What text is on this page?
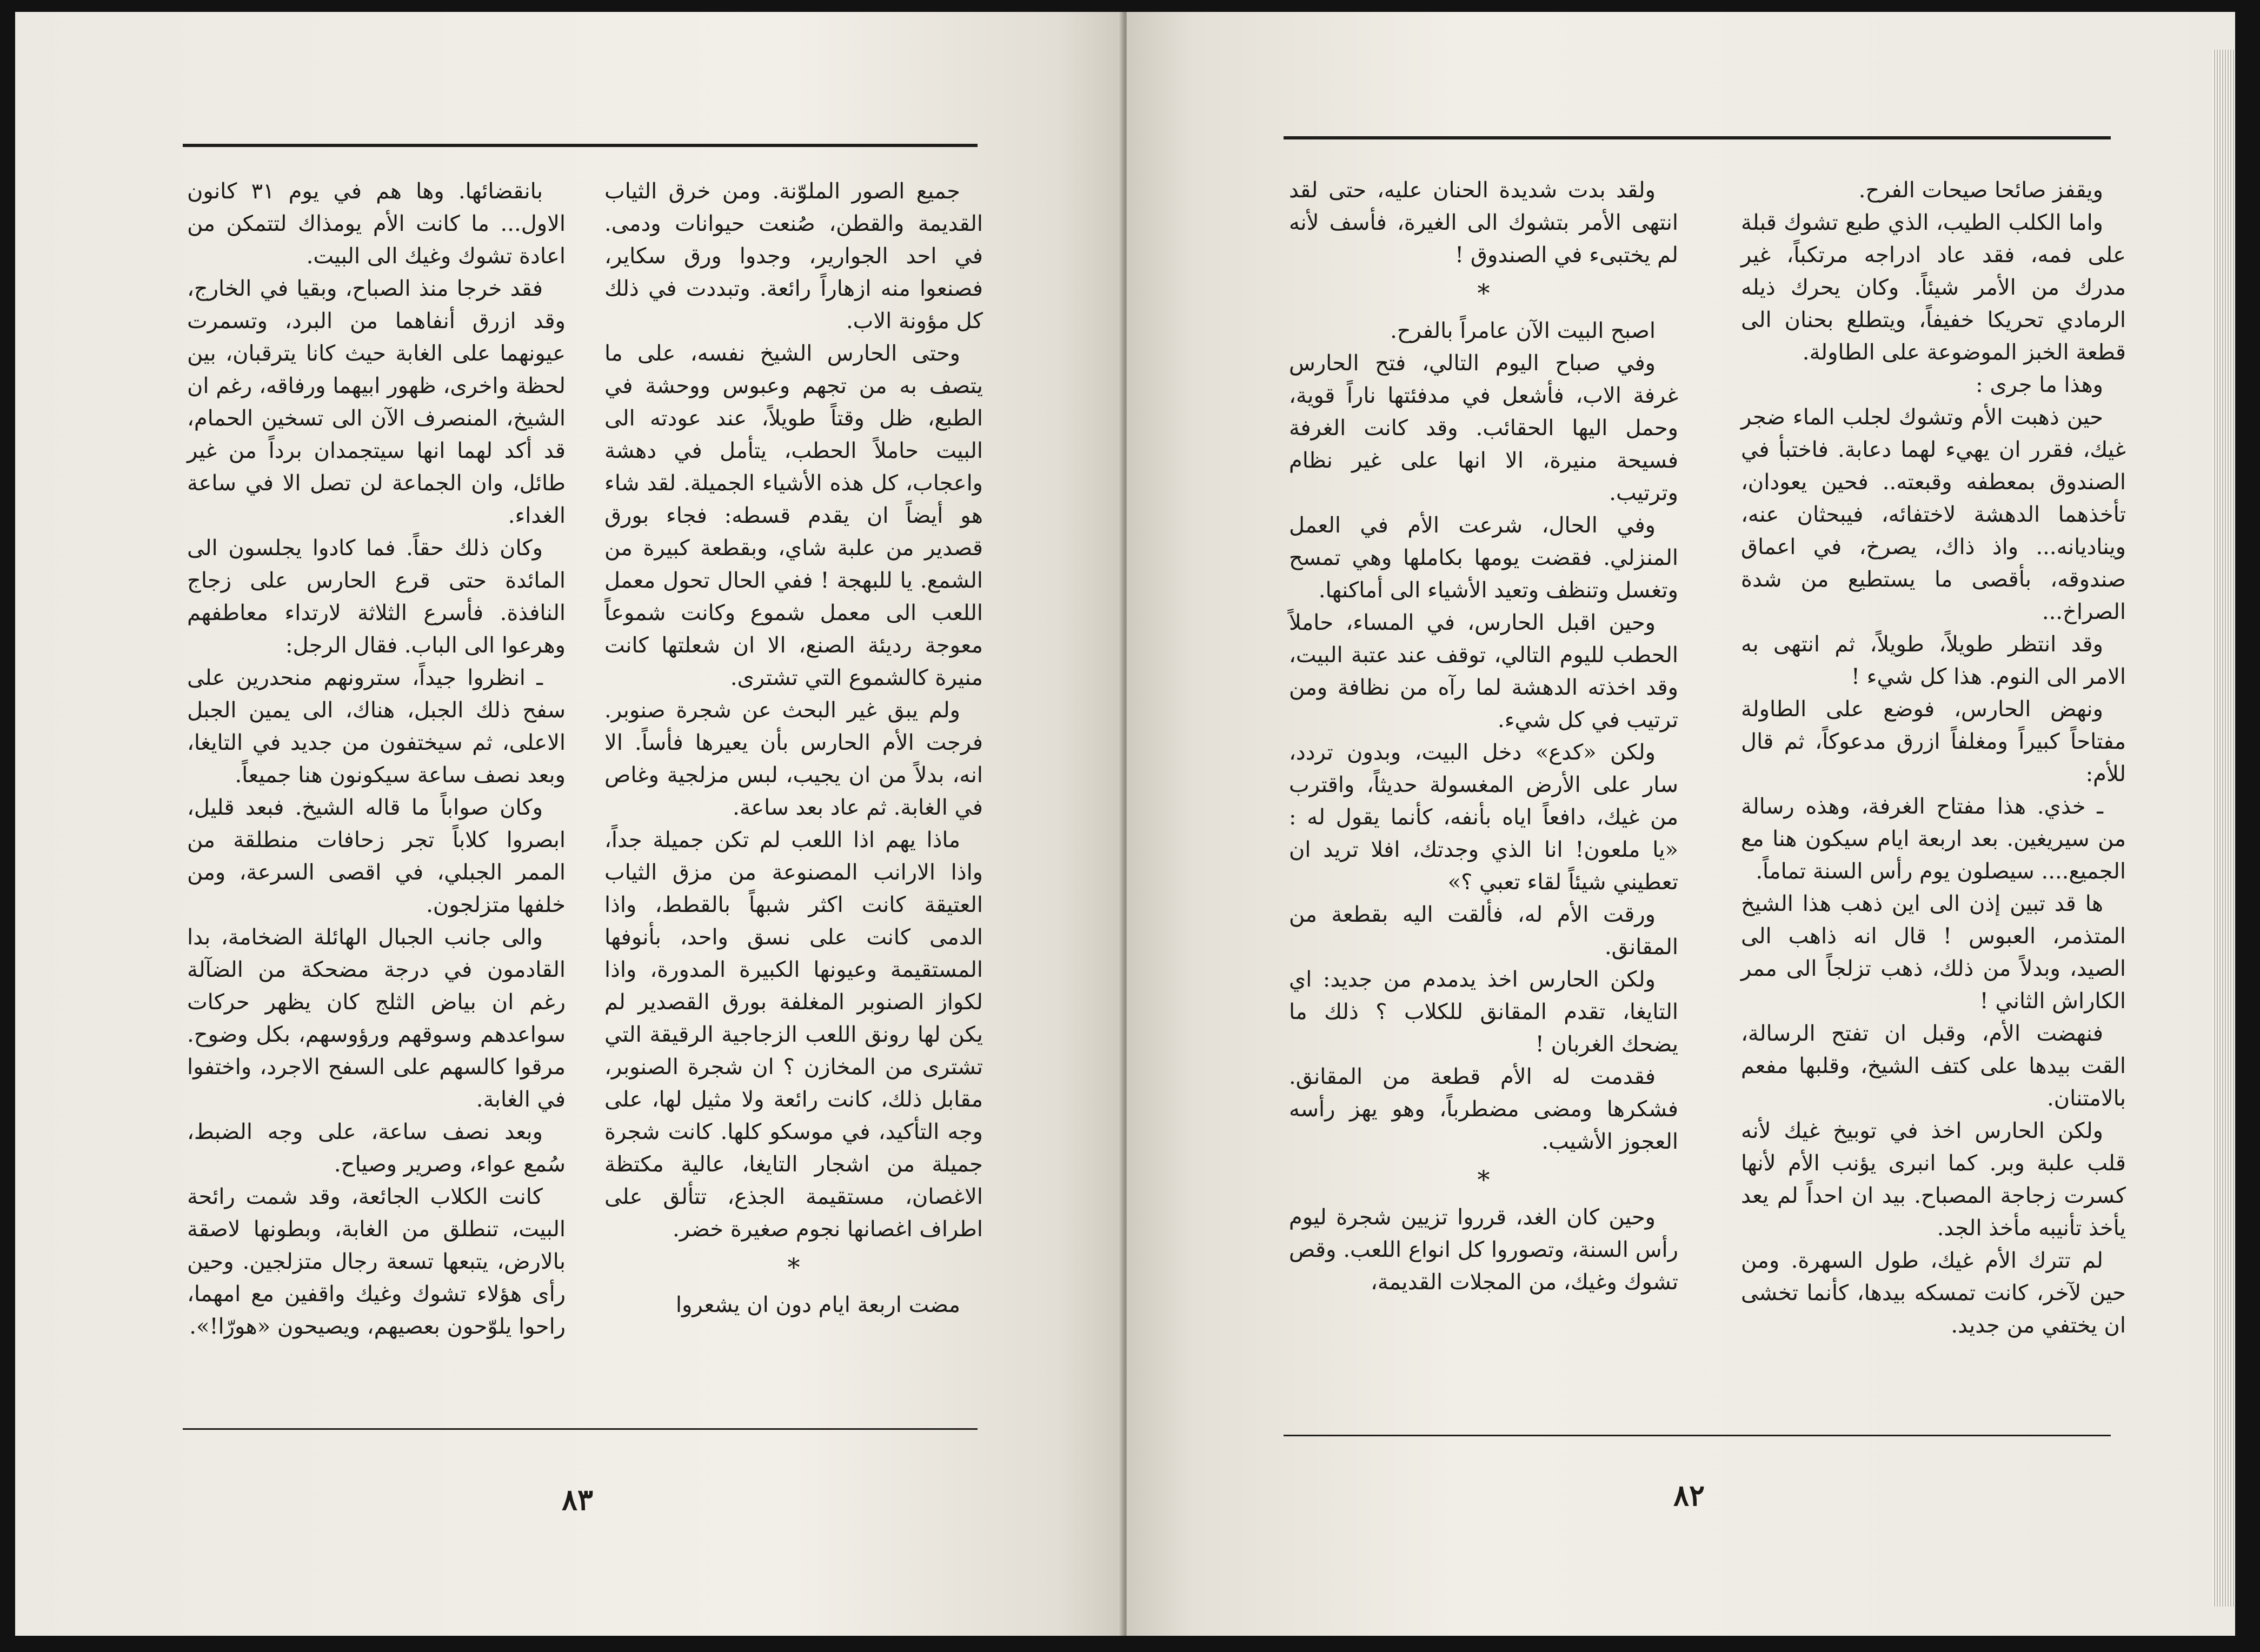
جميع الصور الملوّنة. ومن خرق الثياب القديمة والقطن، صُنعت حيوانات ودمى. في احد الجوارير، وجدوا ورق سكاير، فصنعوا منه ازهاراً رائعة. وتبددت في ذلك كل مؤونة الاب.

وحتى الحارس الشيخ نفسه، على ما يتصف به من تجهم وعبوس ووحشة في الطبع، ظل وقتاً طويلاً، عند عودته الى البيت حاملاً الحطب، يتأمل في دهشة واعجاب، كل هذه الأشياء الجميلة. لقد شاء هو أيضاً ان يقدم قسطه: فجاء بورق قصدير من علبة شاي، وبقطعة كبيرة من الشمع. يا للبهجة ! ففي الحال تحول معمل اللعب الى معمل شموع وكانت شموعاً معوجة رديئة الصنع، الا ان شعلتها كانت منيرة كالشموع التي تشترى.

ولم يبق غير البحث عن شجرة صنوبر. فرجت الأم الحارس بأن يعيرها فأساً. الا انه، بدلاً من ان يجيب، لبس مزلجية وغاص في الغابة. ثم عاد بعد ساعة.

ماذا يهم اذا اللعب لم تكن جميلة جداً، واذا الارانب المصنوعة من مزق الثياب العتيقة كانت اكثر شبهاً بالقطط، واذا الدمى كانت على نسق واحد، بأنوفها المستقيمة وعيونها الكبيرة المدورة، واذا لكواز الصنوبر المغلفة بورق القصدير لم يكن لها رونق اللعب الزجاجية الرقيقة التي تشترى من المخازن ؟ ان شجرة الصنوبر، مقابل ذلك، كانت رائعة ولا مثيل لها، على وجه التأكيد، في موسكو كلها. كانت شجرة جميلة من اشجار التايغا، عالية مكتظة الاغصان، مستقيمة الجذع، تتألق على اطراف اغصانها نجوم صغيرة خضر.

*

مضت اربعة ايام دون ان يشعروا

بانقضائها. وها هم في يوم ٣١ كانون الاول... ما كانت الأم يومذاك لتتمكن من اعادة تشوك وغيك الى البيت.

فقد خرجا منذ الصباح، وبقيا في الخارج، وقد ازرق أنفاهما من البرد، وتسمرت عيونهما على الغابة حيث كانا يترقبان، بين لحظة واخرى، ظهور ابيهما ورفاقه، رغم ان الشيخ، المنصرف الآن الى تسخين الحمام، قد أكد لهما انها سيتجمدان برداً من غير طائل، وان الجماعة لن تصل الا في ساعة الغداء.

وكان ذلك حقاً. فما كادوا يجلسون الى المائدة حتى قرع الحارس على زجاج النافذة. فأسرع الثلاثة لارتداء معاطفهم وهرعوا الى الباب. فقال الرجل:

ـ انظروا جيداً، سترونهم منحدرين على سفح ذلك الجبل، هناك، الى يمين الجبل الاعلى، ثم سيختفون من جديد في التايغا، وبعد نصف ساعة سيكونون هنا جميعاً.

وكان صواباً ما قاله الشيخ. فبعد قليل، ابصروا كلاباً تجر زحافات منطلقة من الممر الجبلي، في اقصى السرعة، ومن خلفها متزلجون.

والى جانب الجبال الهائلة الضخامة، بدا القادمون في درجة مضحكة من الضآلة رغم ان بياض الثلج كان يظهر حركات سواعدهم وسوقهم ورؤوسهم، بكل وضوح. مرقوا كالسهم على السفح الاجرد، واختفوا في الغابة.

وبعد نصف ساعة، على وجه الضبط، سُمع عواء، وصرير وصياح.

كانت الكلاب الجائعة، وقد شمت رائحة البيت، تنطلق من الغابة، وبطونها لاصقة بالارض، يتبعها تسعة رجال متزلجين. وحين رأى هؤلاء تشوك وغيك واقفين مع امهما، راحوا يلوّحون بعصيهم، ويصيحون «هورّا!».

٨٣

ويقفز صائحا صيحات الفرح.

واما الكلب الطيب، الذي طبع تشوك قبلة على فمه، فقد عاد ادراجه مرتكباً، غير مدرك من الأمر شيئاً. وكان يحرك ذيله الرمادي تحريكا خفيفاً، ويتطلع بحنان الى قطعة الخبز الموضوعة على الطاولة.

وهذا ما جرى :

حين ذهبت الأم وتشوك لجلب الماء ضجر غيك، فقرر ان يهيء لهما دعابة. فاختبأ في الصندوق بمعطفه وقبعته.. فحين يعودان، تأخذهما الدهشة لاختفائه، فيبحثان عنه، ويناديانه... واذ ذاك، يصرخ، في اعماق صندوقه، بأقصى ما يستطيع من شدة الصراخ...

وقد انتظر طويلاً، طويلاً، ثم انتهى به الامر الى النوم. هذا كل شيء !

ونهض الحارس، فوضع على الطاولة مفتاحاً كبيراً ومغلفاً ازرق مدعوكاً، ثم قال للأم:

ـ خذي. هذا مفتاح الغرفة، وهذه رسالة من سيريغين. بعد اربعة ايام سيكون هنا مع الجميع.... سيصلون يوم رأس السنة تماماً.

ها قد تبين إذن الى اين ذهب هذا الشيخ المتذمر، العبوس ! قال انه ذاهب الى الصيد، وبدلاً من ذلك، ذهب تزلجاً الى ممر الكاراش الثاني !

فنهضت الأم، وقبل ان تفتح الرسالة، القت بيدها على كتف الشيخ، وقلبها مفعم بالامتنان.

ولكن الحارس اخذ في توبيخ غيك لأنه قلب علبة وبر. كما انبرى يؤنب الأم لأنها كسرت زجاجة المصباح. بيد ان احداً لم يعد يأخذ تأنيبه مأخذ الجد.

لم تترك الأم غيك، طول السهرة. ومن حين لآخر، كانت تمسكه بيدها، كأنما تخشى ان يختفي من جديد.

ولقد بدت شديدة الحنان عليه، حتى لقد انتهى الأمر بتشوك الى الغيرة، فأسف لأنه لم يختبىء في الصندوق !

*

اصبح البيت الآن عامراً بالفرح.

وفي صباح اليوم التالي، فتح الحارس غرفة الاب، فأشعل في مدفئتها ناراً قوية، وحمل اليها الحقائب. وقد كانت الغرفة فسيحة منيرة، الا انها على غير نظام وترتيب.

وفي الحال، شرعت الأم في العمل المنزلي. فقضت يومها بكاملها وهي تمسح وتغسل وتنظف وتعيد الأشياء الى أماكنها.

وحين اقبل الحارس، في المساء، حاملاً الحطب لليوم التالي، توقف عند عتبة البيت، وقد اخذته الدهشة لما رآه من نظافة ومن ترتيب في كل شيء.

ولكن «كدع» دخل البيت، وبدون تردد، سار على الأرض المغسولة حديثاً، واقترب من غيك، دافعاً اياه بأنفه، كأنما يقول له : «يا ملعون! انا الذي وجدتك، افلا تريد ان تعطيني شيئاً لقاء تعبي ؟»

ورقت الأم له، فألقت اليه بقطعة من المقانق.

ولكن الحارس اخذ يدمدم من جديد: اي التايغا، تقدم المقانق للكلاب ؟ ذلك ما يضحك الغربان !

فقدمت له الأم قطعة من المقانق. فشكرها ومضى مضطرباً، وهو يهز رأسه العجوز الأشيب.

*

وحين كان الغد، قرروا تزيين شجرة ليوم رأس السنة، وتصوروا كل انواع اللعب. وقص تشوك وغيك، من المجلات القديمة،

٨٢
